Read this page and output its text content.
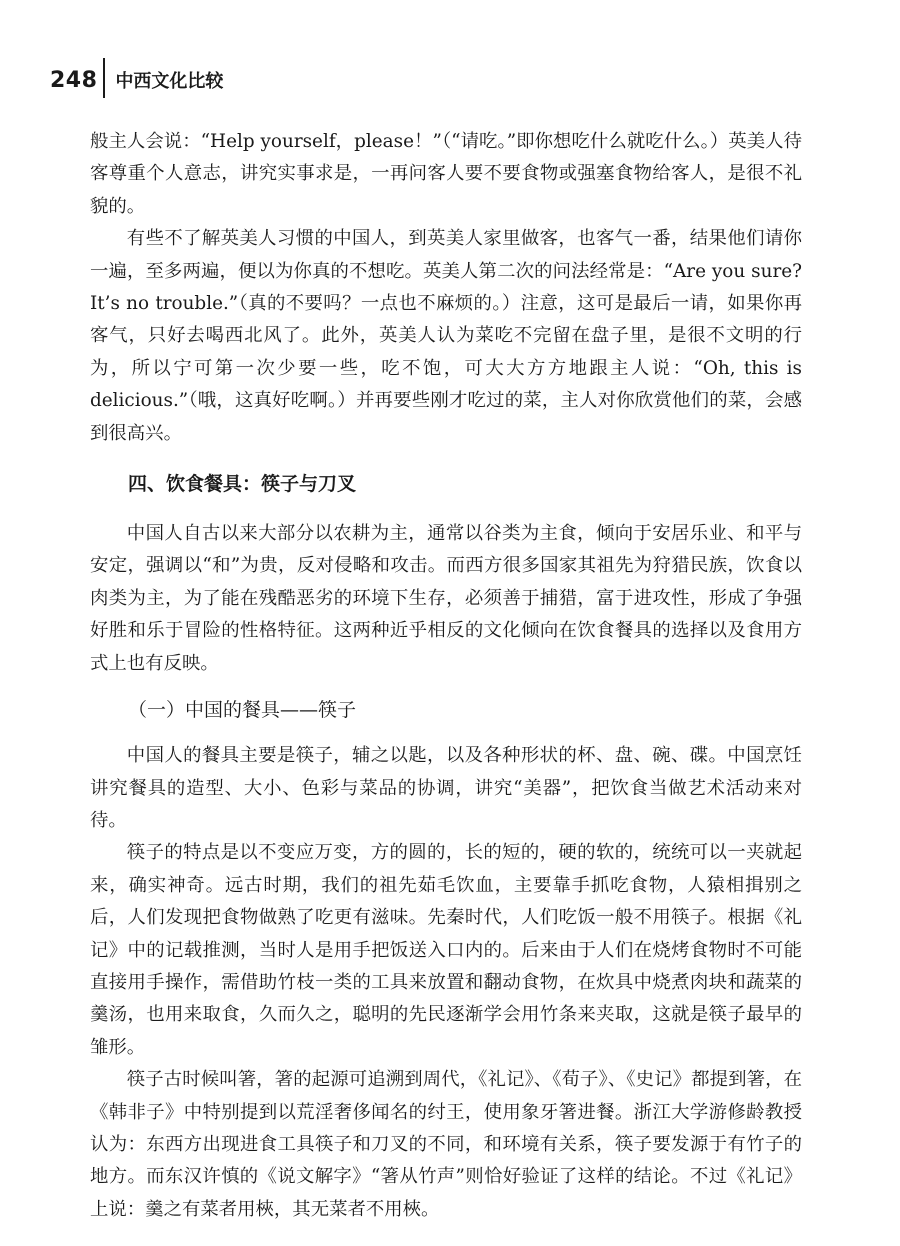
248 中西文化比较

般主人会说：“Help yourself，please！”（“请吃。”即你想吃什么就吃什么。）英美人待客尊重个人意志，讲究实事求是，一再问客人要不要食物或强塞食物给客人，是很不礼貌的。

有些不了解英美人习惯的中国人，到英美人家里做客，也客气一番，结果他们请你一遍，至多两遍，便以为你真的不想吃。英美人第二次的问法经常是：“Are you sure? It’s no trouble.”（真的不要吗？一点也不麻烦的。）注意，这可是最后一请，如果你再客气，只好去喝西北风了。此外，英美人认为菜吃不完留在盘子里，是很不文明的行为，所以宁可第一次少要一些，吃不饱，可大大方方地跟主人说：“Oh, this is delicious.”（哦，这真好吃啊。）并再要些刚才吃过的菜，主人对你欣赏他们的菜，会感到很高兴。

四、饮食餐具：筷子与刀叉

中国人自古以来大部分以农耕为主，通常以谷类为主食，倾向于安居乐业、和平与安定，强调以“和”为贵，反对侵略和攻击。而西方很多国家其祖先为狩猎民族，饮食以肉类为主，为了能在残酷恶劣的环境下生存，必须善于捕猎，富于进攻性，形成了争强好胜和乐于冒险的性格特征。这两种近乎相反的文化倾向在饮食餐具的选择以及食用方式上也有反映。

（一）中国的餐具——筷子

中国人的餐具主要是筷子，辅之以匙，以及各种形状的杯、盘、碗、碟。中国烹饪讲究餐具的造型、大小、色彩与菜品的协调，讲究“美器”，把饮食当做艺术活动来对待。

筷子的特点是以不变应万变，方的圆的，长的短的，硬的软的，统统可以一夹就起来，确实神奇。远古时期，我们的祖先茹毛饮血，主要靠手抓吃食物，人猿相揖别之后，人们发现把食物做熟了吃更有滋味。先秦时代，人们吃饭一般不用筷子。根据《礼记》中的记载推测，当时人是用手把饭送入口内的。后来由于人们在烧烤食物时不可能直接用手操作，需借助竹枝一类的工具来放置和翻动食物，在炊具中烧煮肉块和蔬菜的羹汤，也用来取食，久而久之，聪明的先民逐渐学会用竹条来夹取，这就是筷子最早的雏形。

筷子古时候叫箸，箸的起源可追溯到周代，《礼记》、《荀子》、《史记》都提到箸，在《韩非子》中特别提到以荒淫奢侈闻名的纣王，使用象牙箸进餐。浙江大学游修龄教授认为：东西方出现进食工具筷子和刀叉的不同，和环境有关系，筷子要发源于有竹子的地方。而东汉许慎的《说文解字》“箸从竹声”则恰好验证了这样的结论。不过《礼记》上说：羹之有菜者用梜，其无菜者不用梜。
